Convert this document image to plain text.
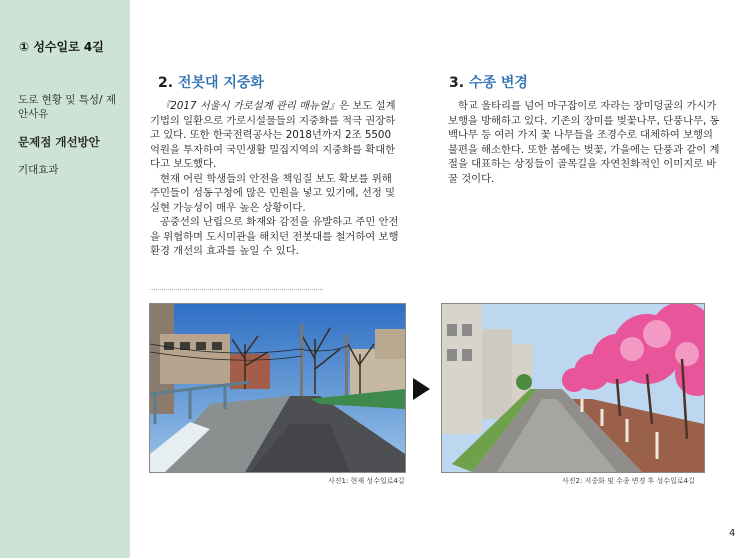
① 성수일로 4길
도로 현황 및 특성/ 제안사유
문제점 개선방안
기대효과
2. 전봇대 지중화

『2017 서울시 가로설계 관리 매뉴얼』은 보도 설계기법의 일환으로 가로시설물들의 지중화를 적극 권장하고 있다. 또한 한국전력공사는 2018년까지 2조 5500억원을 투자하여 국민생활 밀집지역의 지중화를 확대한다고 보도했다.

현재 어린 학생들의 안전을 책임질 보도 확보를 위해 주민들이 성동구청에 많은 민원을 넣고 있기에, 선정 및 실현 가능성이 매우 높은 상황이다.

공중선의 난립으로 화재와 감전을 유발하고 주민 안전을 위협하며 도시미관을 해치던 전봇대를 철거하여 보행환경 개선의 효과를 높일 수 있다.

3. 수종 변경

학교 울타리를 넘어 마구잡이로 자라는 장미덩굴의 가시가 보행을 방해하고 있다. 기존의 장미를 벚꽃나무, 단풍나무, 동백나무 등 여러 가지 꽃 나무들을 조경수로 대체하여 보행의 불편을 해소한다. 또한 봄에는 벚꽃, 가을에는 단풍과 같이 계절을 대표하는 상징들이 골목길을 자연친화적인 이미지로 바꿀 것이다.

사진1: 현재 성수일로4길	사진2: 지중화 및 수종 변경 후 성수일로4길
4
